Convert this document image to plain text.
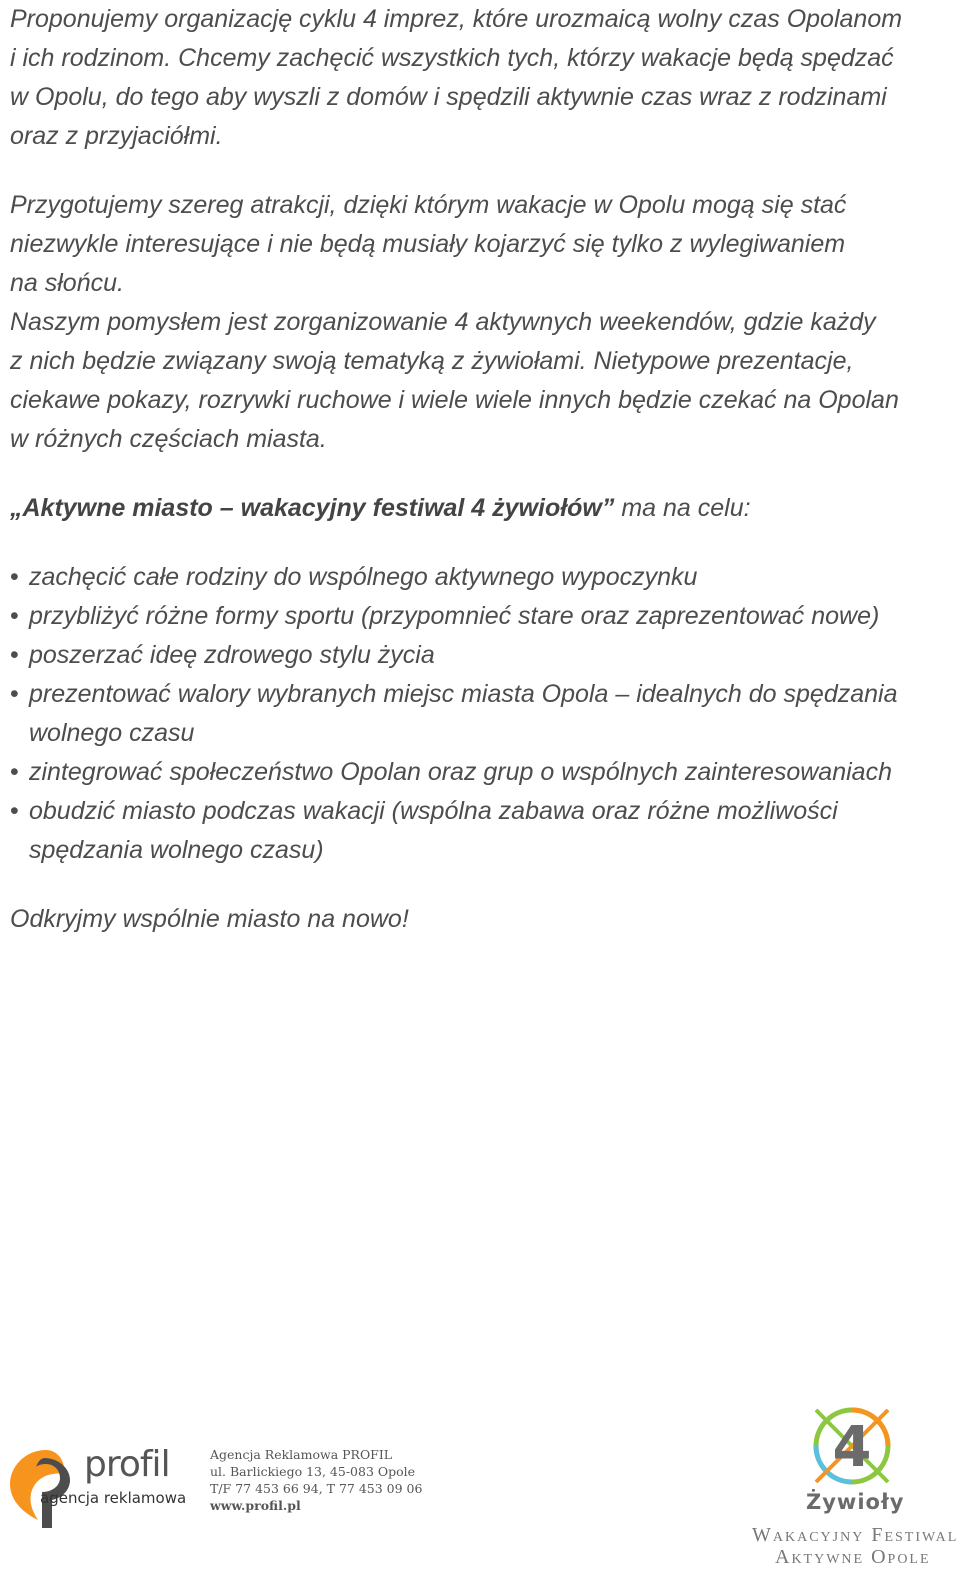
Proponujemy organizację cyklu 4 imprez, które urozmaicą wolny czas Opolanom
i ich rodzinom. Chcemy zachęcić wszystkich tych, którzy wakacje będą spędzać
w Opolu, do tego aby wyszli z domów i spędzili aktywnie czas wraz z rodzinami
oraz z przyjaciółmi.

Przygotujemy szereg atrakcji, dzięki którym wakacje w Opolu mogą się stać
niezwykle interesujące i nie będą musiały kojarzyć się tylko z wylegiwaniem
na słońcu.

Naszym pomysłem jest zorganizowanie 4 aktywnych weekendów, gdzie każdy
z nich będzie związany swoją tematyką z żywiołami. Nietypowe prezentacje,
ciekawe pokazy, rozrywki ruchowe i wiele wiele innych będzie czekać na Opolan
w różnych częściach miasta.

„Aktywne miasto – wakacyjny festiwal 4 żywiołów” ma na celu:

• zachęcić całe rodziny do wspólnego aktywnego wypoczynku
• przybliżyć różne formy sportu (przypomnieć stare oraz zaprezentować nowe)
• poszerzać ideę zdrowego stylu życia
• prezentować walory wybranych miejsc miasta Opola – idealnych do spędzania
wolnego czasu
• zintegrować społeczeństwo Opolan oraz grup o wspólnych zainteresowaniach
• obudzić miasto podczas wakacji (wspólna zabawa oraz różne możliwości
spędzania wolnego czasu)

Odkryjmy wspólnie miasto na nowo!

profil
agencja reklamowa
Agencja Reklamowa PROFIL
ul. Barlickiego 13, 45-083 Opole
T/F 77 453 66 94, T 77 453 09 06
www.profil.pl
4
Żywioły
Wakacyjny Festiwal
Aktywne Opole
